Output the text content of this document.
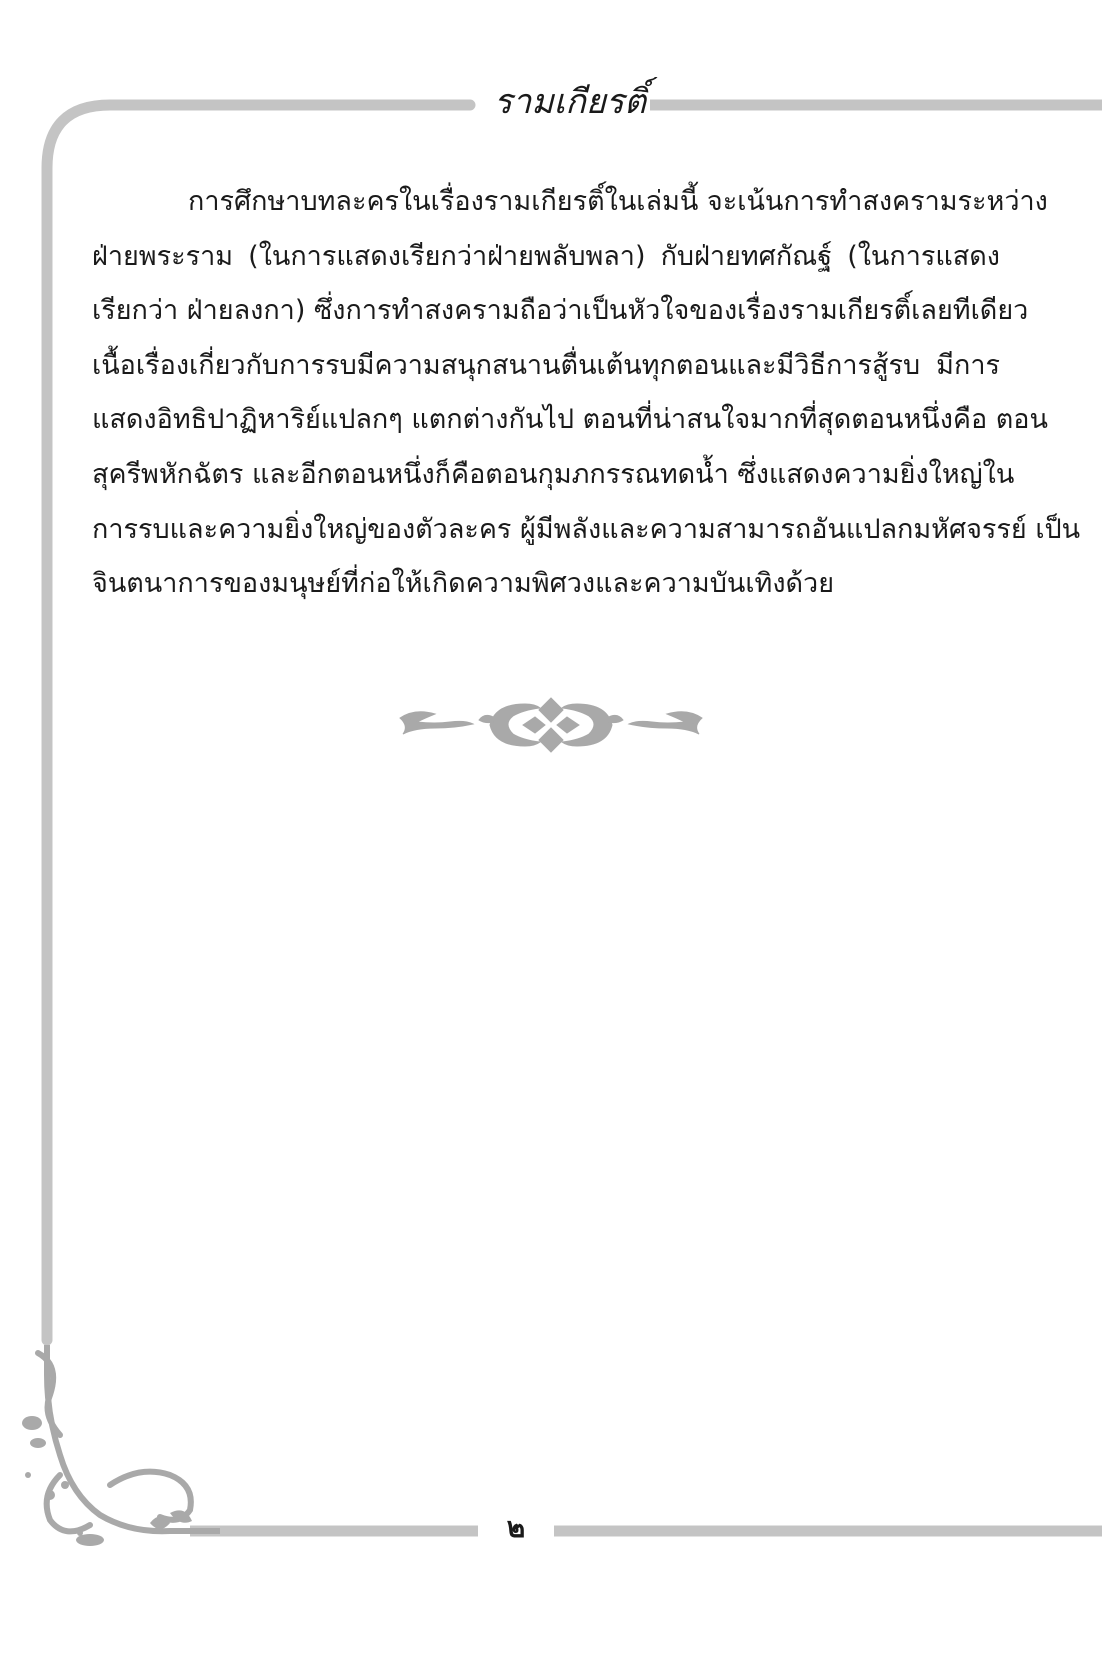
รามเกียรติ์
การศึกษาบทละครในเรื่องรามเกียรติ์ในเล่มนี้ จะเน้นการทำสงครามระหว่าง
ฝ่ายพระราม (ในการแสดงเรียกว่าฝ่ายพลับพลา) กับฝ่ายทศกัณฐ์ (ในการแสดง
เรียกว่า ฝ่ายลงกา) ซึ่งการทำสงครามถือว่าเป็นหัวใจของเรื่องรามเกียรติ์เลยทีเดียว
เนื้อเรื่องเกี่ยวกับการรบมีความสนุกสนานตื่นเต้นทุกตอนและมีวิธีการสู้รบ มีการ
แสดงอิทธิปาฏิหาริย์แปลกๆ แตกต่างกันไป ตอนที่น่าสนใจมากที่สุดตอนหนึ่งคือ ตอน
สุครีพหักฉัตร และอีกตอนหนึ่งก็คือตอนกุมภกรรณทดน้ำ ซึ่งแสดงความยิ่งใหญ่ใน
การรบและความยิ่งใหญ่ของตัวละคร ผู้มีพลังและความสามารถอันแปลกมหัศจรรย์ เป็น
จินตนาการของมนุษย์ที่ก่อให้เกิดความพิศวงและความบันเทิงด้วย
๒
